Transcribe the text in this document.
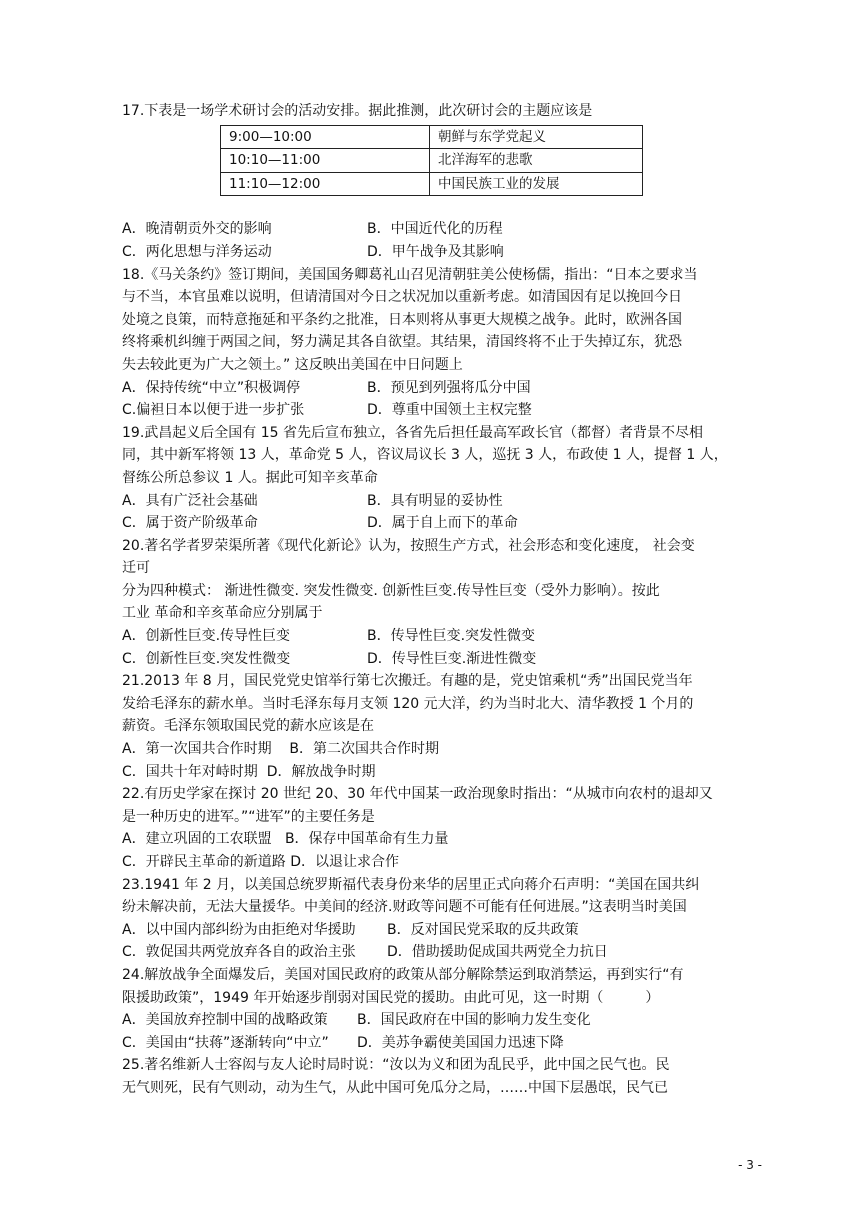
17.下表是一场学术研讨会的活动安排。据此推测，此次研讨会的主题应该是
9:00—10:00	朝鲜与东学党起义
10:10—11:00	北洋海军的悲歌
11:10—12:00	中国民族工业的发展
A．晚清朝贡外交的影响	B．中国近代化的历程
C．两化思想与洋务运动	D．甲午战争及其影响
18.《马关条约》签订期间，美国国务卿葛礼山召见清朝驻美公使杨儒，指出：“日本之要求当
与不当，本官虽难以说明，但请清国对今日之状况加以重新考虑。如清国因有足以挽回今日
处境之良策，而特意拖延和平条约之批准，日本则将从事更大规模之战争。此时，欧洲各国
终将乘机纠缠于两国之间，努力满足其各自欲望。其结果，清国终将不止于失掉辽东，犹恐
失去较此更为广大之领土。” 这反映出美国在中日问题上
A．保持传统“中立”积极调停	B．预见到列强将瓜分中国
C.偏袒日本以便于进一步扩张	D．尊重中国领土主权完整
19.武昌起义后全国有 15 省先后宣布独立，各省先后担任最高军政长官（都督）者背景不尽相
同，其中新军将领 13 人，革命党 5 人，咨议局议长 3 人，巡抚 3 人，布政使 1 人，提督 1 人，
督练公所总参议 1 人。据此可知辛亥革命
A．具有广泛社会基础	B．具有明显的妥协性
C．属于资产阶级革命	D．属于自上而下的革命
20.著名学者罗荣渠所著《现代化新论》认为，按照生产方式，社会形态和变化速度， 社会变
迁可
分为四种模式： 渐进性微变. 突发性微变. 创新性巨变.传导性巨变（受外力影响）。按此
工业 革命和辛亥革命应分别属于
A．创新性巨变.传导性巨变	B．传导性巨变.突发性微变
C．创新性巨变.突发性微变	D．传导性巨变.渐进性微变
21.2013 年 8 月，国民党党史馆举行第七次搬迁。有趣的是，党史馆乘机“秀”出国民党当年
发给毛泽东的薪水单。当时毛泽东每月支领 120 元大洋，约为当时北大、清华教授 1 个月的
薪资。毛泽东领取国民党的薪水应该是在
A．第一次国共合作时期 B．第二次国共合作时期
C．国共十年对峙时期 D．解放战争时期
22.有历史学家在探讨 20 世纪 20、30 年代中国某一政治现象时指出：“从城市向农村的退却又
是一种历史的进军。”“进军”的主要任务是
A．建立巩固的工农联盟 B．保存中国革命有生力量
C．开辟民主革命的新道路 D．以退让求合作
23.1941 年 2 月，以美国总统罗斯福代表身份来华的居里正式向蒋介石声明：“美国在国共纠
纷未解决前，无法大量援华。中美间的经济.财政等问题不可能有任何进展。”这表明当时美国
A．以中国内部纠纷为由拒绝对华援助	B．反对国民党采取的反共政策
C．敦促国共两党放弃各自的政治主张	D．借助援助促成国共两党全力抗日
24.解放战争全面爆发后，美国对国民政府的政策从部分解除禁运到取消禁运，再到实行“有
限援助政策”，1949 年开始逐步削弱对国民党的援助。由此可见，这一时期（　　　）
A．美国放弃控制中国的战略政策	B．国民政府在中国的影响力发生变化
C．美国由“扶蒋”逐渐转向“中立”	D．美苏争霸使美国国力迅速下降
25.著名维新人士容闳与友人论时局时说：“汝以为义和团为乱民乎，此中国之民气也。民
无气则死，民有气则动，动为生气，从此中国可免瓜分之局，……中国下层愚氓，民气已
- 3 -
